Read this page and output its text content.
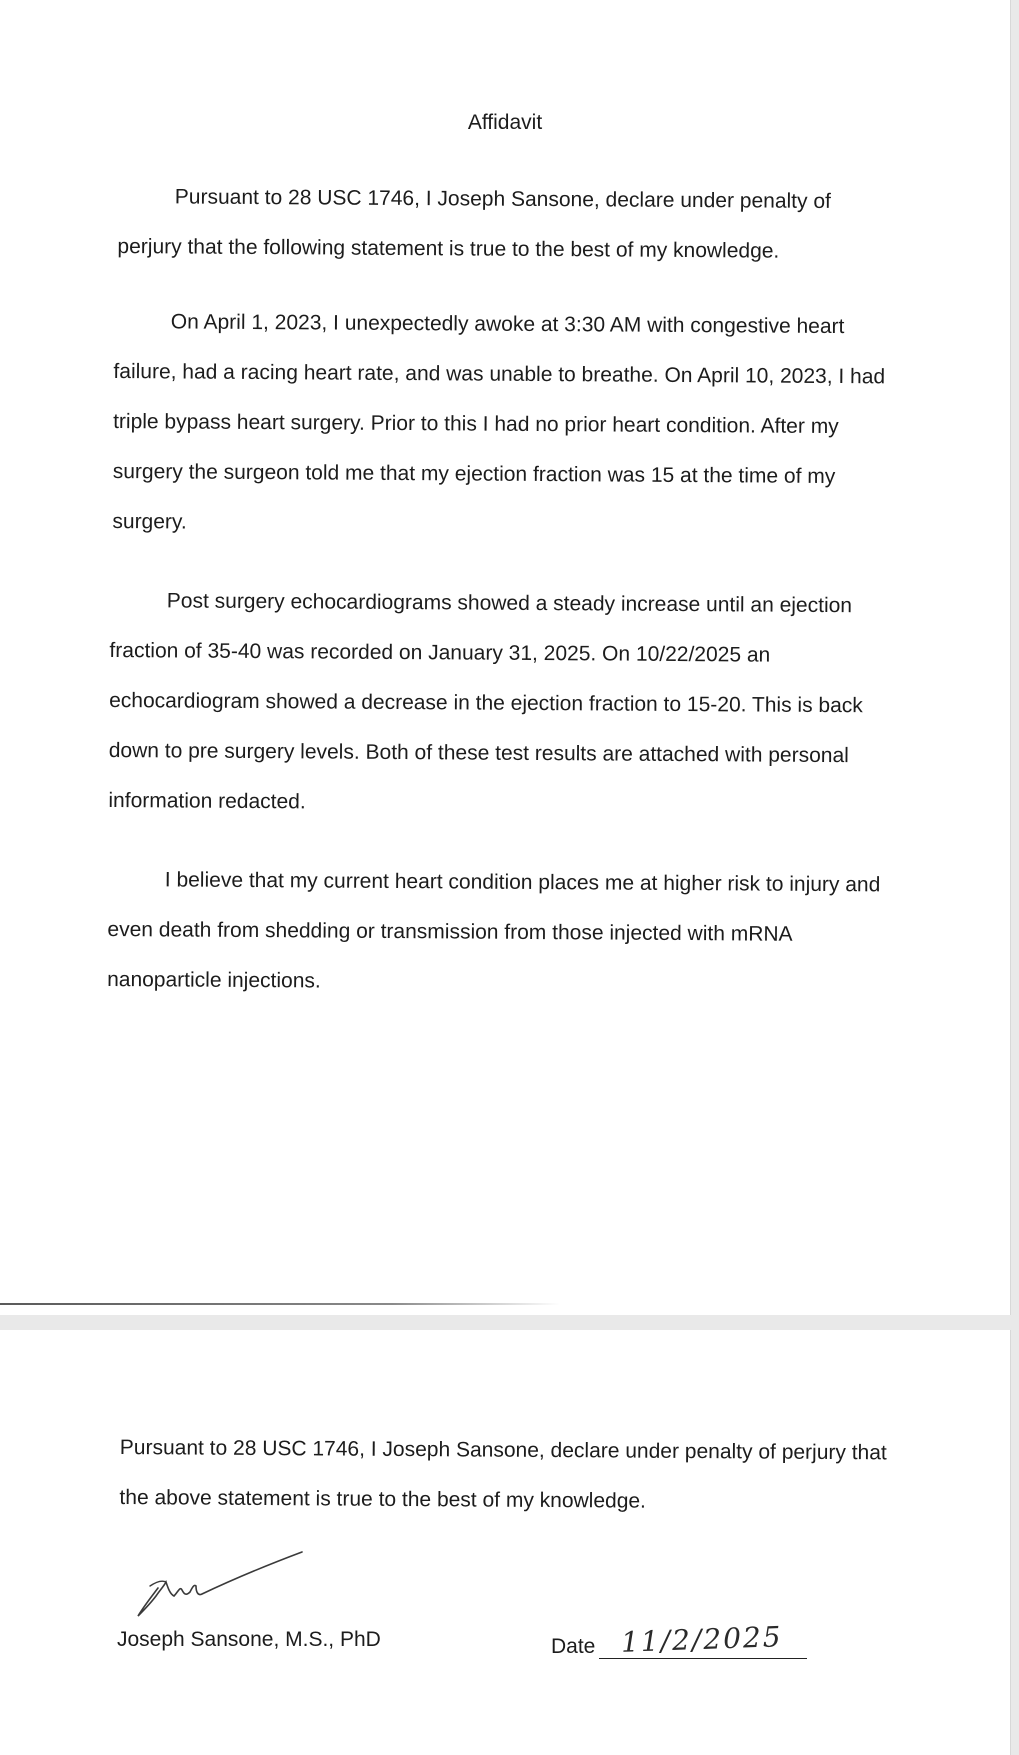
Affidavit

Pursuant to 28 USC 1746, I Joseph Sansone, declare under penalty of perjury that the following statement is true to the best of my knowledge.

On April 1, 2023, I unexpectedly awoke at 3:30 AM with congestive heart failure, had a racing heart rate, and was unable to breathe. On April 10, 2023, I had triple bypass heart surgery. Prior to this I had no prior heart condition. After my surgery the surgeon told me that my ejection fraction was 15 at the time of my surgery.

Post surgery echocardiograms showed a steady increase until an ejection fraction of 35-40 was recorded on January 31, 2025. On 10/22/2025 an echocardiogram showed a decrease in the ejection fraction to 15-20. This is back down to pre surgery levels. Both of these test results are attached with personal information redacted.

I believe that my current heart condition places me at higher risk to injury and even death from shedding or transmission from those injected with mRNA nanoparticle injections.

Pursuant to 28 USC 1746, I Joseph Sansone, declare under penalty of perjury that the above statement is true to the best of my knowledge.

Joseph Sansone, M.S., PhD	Date 11/2/2025
